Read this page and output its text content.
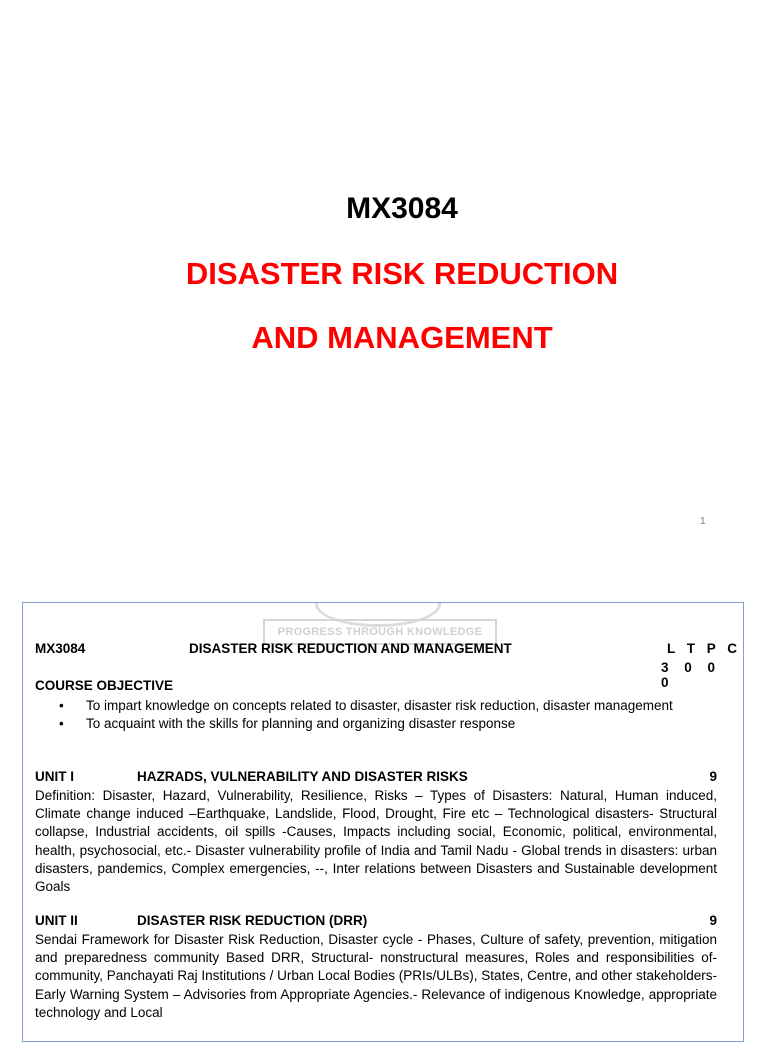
MX3084
DISASTER RISK REDUCTION
AND MANAGEMENT
1
PROGRESS THROUGH KNOWLEDGE
MX3084	DISASTER RISK REDUCTION AND MANAGEMENT	L T P C
3 0 0 0
COURSE OBJECTIVE
• To impart knowledge on concepts related to disaster, disaster risk reduction, disaster management
• To acquaint with the skills for planning and organizing disaster response
UNIT I	HAZRADS, VULNERABILITY AND DISASTER RISKS	9

Definition: Disaster, Hazard, Vulnerability, Resilience, Risks – Types of Disasters: Natural, Human induced, Climate change induced –Earthquake, Landslide, Flood, Drought, Fire etc – Technological disasters- Structural collapse, Industrial accidents, oil spills -Causes, Impacts including social, Economic, political, environmental, health, psychosocial, etc.- Disaster vulnerability profile of India and Tamil Nadu - Global trends in disasters: urban disasters, pandemics, Complex emergencies, --, Inter relations between Disasters and Sustainable development Goals

UNIT II	DISASTER RISK REDUCTION (DRR)	9

Sendai Framework for Disaster Risk Reduction, Disaster cycle - Phases, Culture of safety, prevention, mitigation and preparedness community Based DRR, Structural- nonstructural measures, Roles and responsibilities of- community, Panchayati Raj Institutions / Urban Local Bodies (PRIs/ULBs), States, Centre, and other stakeholders- Early Warning System – Advisories from Appropriate Agencies.- Relevance of indigenous Knowledge, appropriate technology and Local
